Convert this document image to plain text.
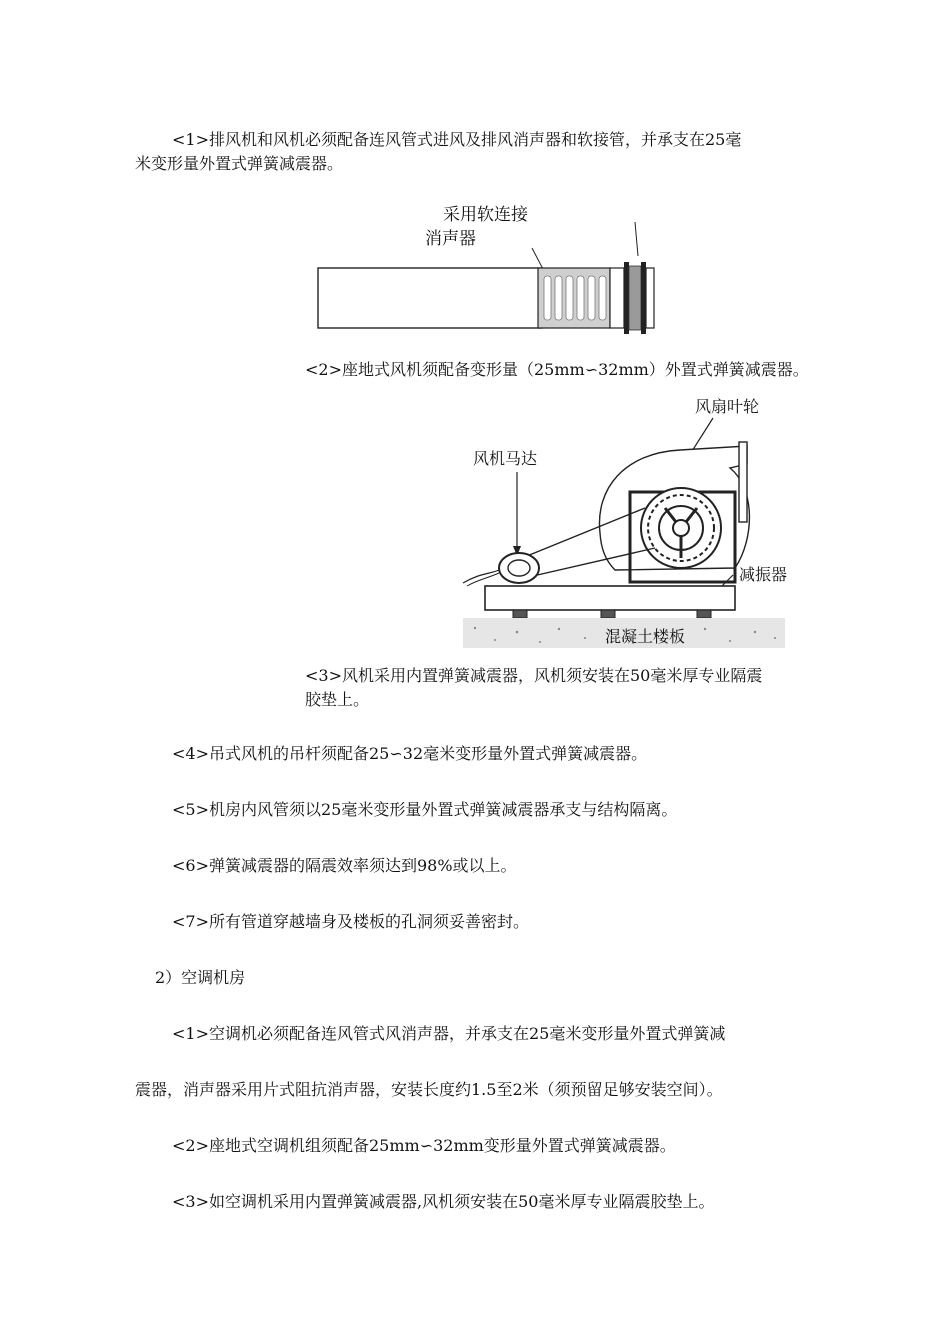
<1>排风机和风机必须配备连风管式进风及排风消声器和软接管，并承支在25毫
米变形量外置式弹簧减震器。
采用软连接
消声器
<2>座地式风机须配备变形量（25mm∽32mm）外置式弹簧减震器。
风扇叶轮
风机马达
减振器
混凝土楼板
<3>风机采用内置弹簧减震器，风机须安装在50毫米厚专业隔震
胶垫上。
<4>吊式风机的吊杆须配备25∽32毫米变形量外置式弹簧减震器。
<5>机房内风管须以25毫米变形量外置式弹簧减震器承支与结构隔离。
<6>弹簧减震器的隔震效率须达到98%或以上。
<7>所有管道穿越墙身及楼板的孔洞须妥善密封。
2）空调机房
<1>空调机必须配备连风管式风消声器，并承支在25毫米变形量外置式弹簧减
震器，消声器采用片式阻抗消声器，安装长度约1.5至2米（须预留足够安装空间）。
<2>座地式空调机组须配备25mm∽32mm变形量外置式弹簧减震器。
<3>如空调机采用内置弹簧减震器,风机须安装在50毫米厚专业隔震胶垫上。
